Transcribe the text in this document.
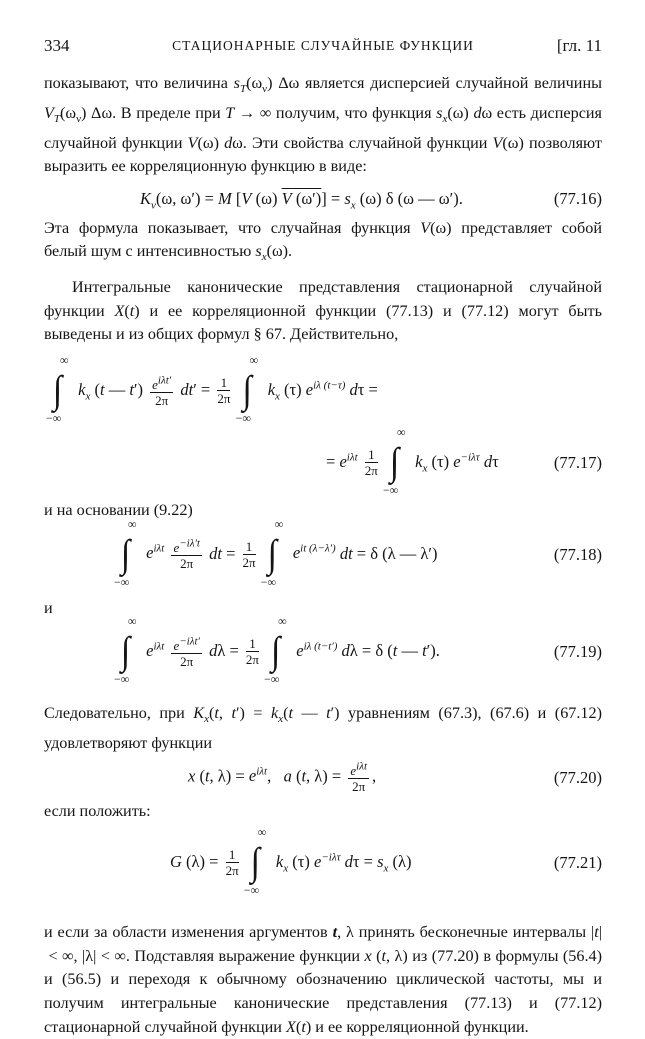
334	СТАЦИОНАРНЫЕ СЛУЧАЙНЫЕ ФУНКЦИИ	[гл. 11

показывают, что величина $s_T(\omega_\nu)$ Δω является дисперсией случайной величины $V_T(\omega_\nu)$ Δω. В пределе при T → ∞ получим, что функция $s_x(\omega)$ dω есть дисперсия случайной функции V(ω) dω. Эти свойства случайной функции V(ω) позволяют выразить ее корреляционную функцию в виде:

$K_v(\omega$, ω′) = M [V (ω) V $(\omega')] = s_x$ (ω) δ (ω — ω′).	(77.16)

Эта формула показывает, что случайная функция V(ω) представляет собой белый шум с интенсивностью $s_x(\omega)$.

Интегральные канонические представления стационарной случайной функции X(t) и ее корреляционной функции (77.13) и (77.12) могут быть выведены и из общих формул § 67. Действительно,

∫
∞
−∞
$k_x$ (t — $t') \frac{e^{i\lambda t'}}{2\pi} dt' = \frac{1}{2\pi}$
∫
∞
−∞
$k_x$ (τ) $e^{i\lambda (t-\tau)}$ dτ =
= $e^{i\lambda t} \frac{1}{2\pi}$
∫
∞
−∞
$k_x$ (τ) $e^{-i\lambda\tau}$ dτ	(77.17)

и на основании (9.22)

∫
∞
−∞
$e^{i\lambda t} \frac{e^{-i\lambda't}}{2\pi}$ dt = $\frac{1}{2\pi}$
∫
∞
−∞
$e^{it (\lambda-\lambda')}$ dt = δ (λ — λ′)	(77.18)

и

∫
∞
−∞
$e^{i\lambda t} \frac{e^{-i\lambda t'}}{2\pi}$ $d\lambda = \frac{1}{2\pi}$
∫
∞
−∞
$e^{i\lambda (t-t')}$ dλ = δ (t — t′).	(77.19)

Следовательно, при $K_x(t$, $t') = k_x(t$ — t′) уравнениям (67.3), (67.6) и (67.12) удовлетворяют функции

x (t, $\lambda) = e^{i\lambda t}$,   a (t, $\lambda) = \frac{e^{i\lambda t}}{2\pi}$ ,	(77.20)

если положить:

G $(\lambda) = \frac{1}{2\pi}$
∫
∞
−∞
$k_x$ (τ) $e^{-i\lambda\tau}$ $d\tau = s_x$ (λ)	(77.21)

и если за области изменения аргументов t, λ принять бесконечные интервалы |t| < ∞, |λ| < ∞. Подставляя выражение функции x (t, λ) из (77.20) в формулы (56.4) и (56.5) и переходя к обычному обозначению циклической частоты, мы и получим интегральные канонические представления (77.13) и (77.12) стационарной случайной функции X(t) и ее корреляционной функции.
